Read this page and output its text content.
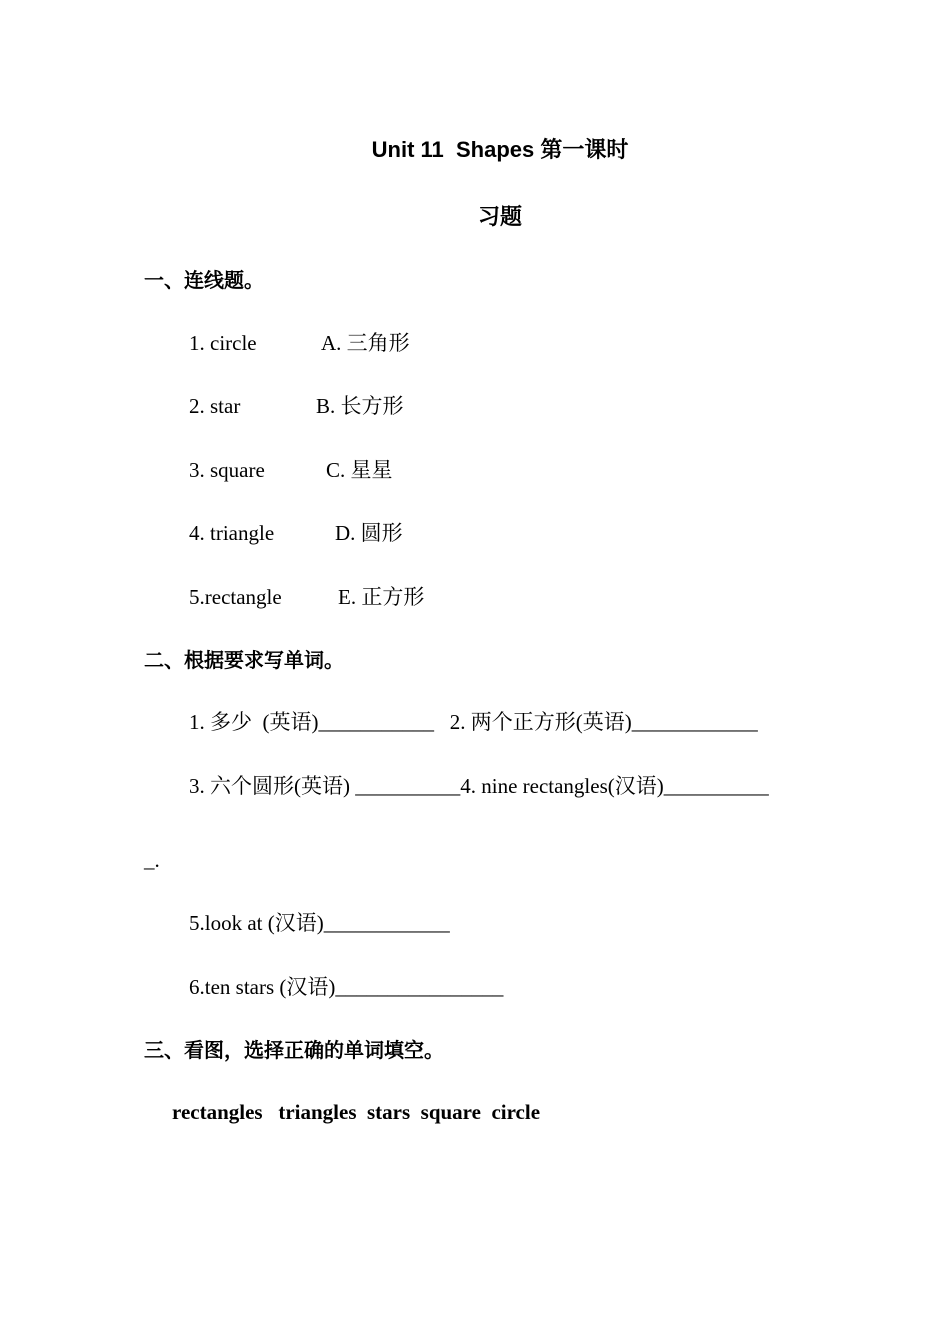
Unit 11  Shapes 第一课时
习题
一、连线题。
1. circle	A. 三角形
2. star	B. 长方形
3. square	C. 星星
4. triangle	D. 圆形
5.rectangle	E. 正方形
二、根据要求写单词。
1. 多少  (英语)___________   2. 两个正方形(英语)____________
3. 六个圆形(英语) __________4. nine rectangles(汉语)__________
_.
5.look at (汉语)____________
6.ten stars (汉语)________________
三、看图，选择正确的单词填空。
rectangles   triangles  stars  square  circle
